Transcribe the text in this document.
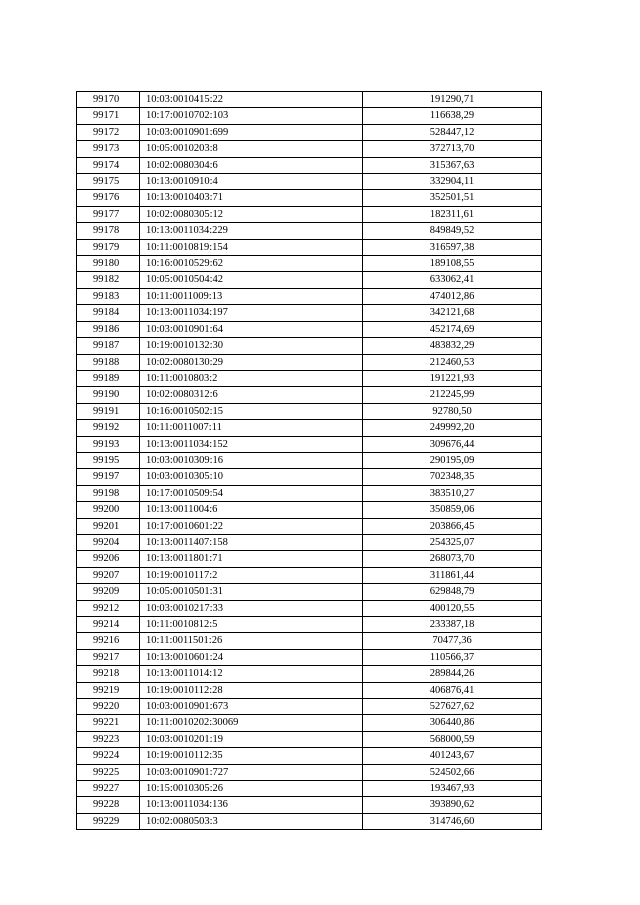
99170	10:03:0010415:22	191290,71
99171	10:17:0010702:103	116638,29
99172	10:03:0010901:699	528447,12
99173	10:05:0010203:8	372713,70
99174	10:02:0080304:6	315367,63
99175	10:13:0010910:4	332904,11
99176	10:13:0010403:71	352501,51
99177	10:02:0080305:12	182311,61
99178	10:13:0011034:229	849849,52
99179	10:11:0010819:154	316597,38
99180	10:16:0010529:62	189108,55
99182	10:05:0010504:42	633062,41
99183	10:11:0011009:13	474012,86
99184	10:13:0011034:197	342121,68
99186	10:03:0010901:64	452174,69
99187	10:19:0010132:30	483832,29
99188	10:02:0080130:29	212460,53
99189	10:11:0010803:2	191221,93
99190	10:02:0080312:6	212245,99
99191	10:16:0010502:15	92780,50
99192	10:11:0011007:11	249992,20
99193	10:13:0011034:152	309676,44
99195	10:03:0010309:16	290195,09
99197	10:03:0010305:10	702348,35
99198	10:17:0010509:54	383510,27
99200	10:13:0011004:6	350859,06
99201	10:17:0010601:22	203866,45
99204	10:13:0011407:158	254325,07
99206	10:13:0011801:71	268073,70
99207	10:19:0010117:2	311861,44
99209	10:05:0010501:31	629848,79
99212	10:03:0010217:33	400120,55
99214	10:11:0010812:5	233387,18
99216	10:11:0011501:26	70477,36
99217	10:13:0010601:24	110566,37
99218	10:13:0011014:12	289844,26
99219	10:19:0010112:28	406876,41
99220	10:03:0010901:673	527627,62
99221	10:11:0010202:30069	306440,86
99223	10:03:0010201:19	568000,59
99224	10:19:0010112:35	401243,67
99225	10:03:0010901:727	524502,66
99227	10:15:0010305:26	193467,93
99228	10:13:0011034:136	393890,62
99229	10:02:0080503:3	314746,60
